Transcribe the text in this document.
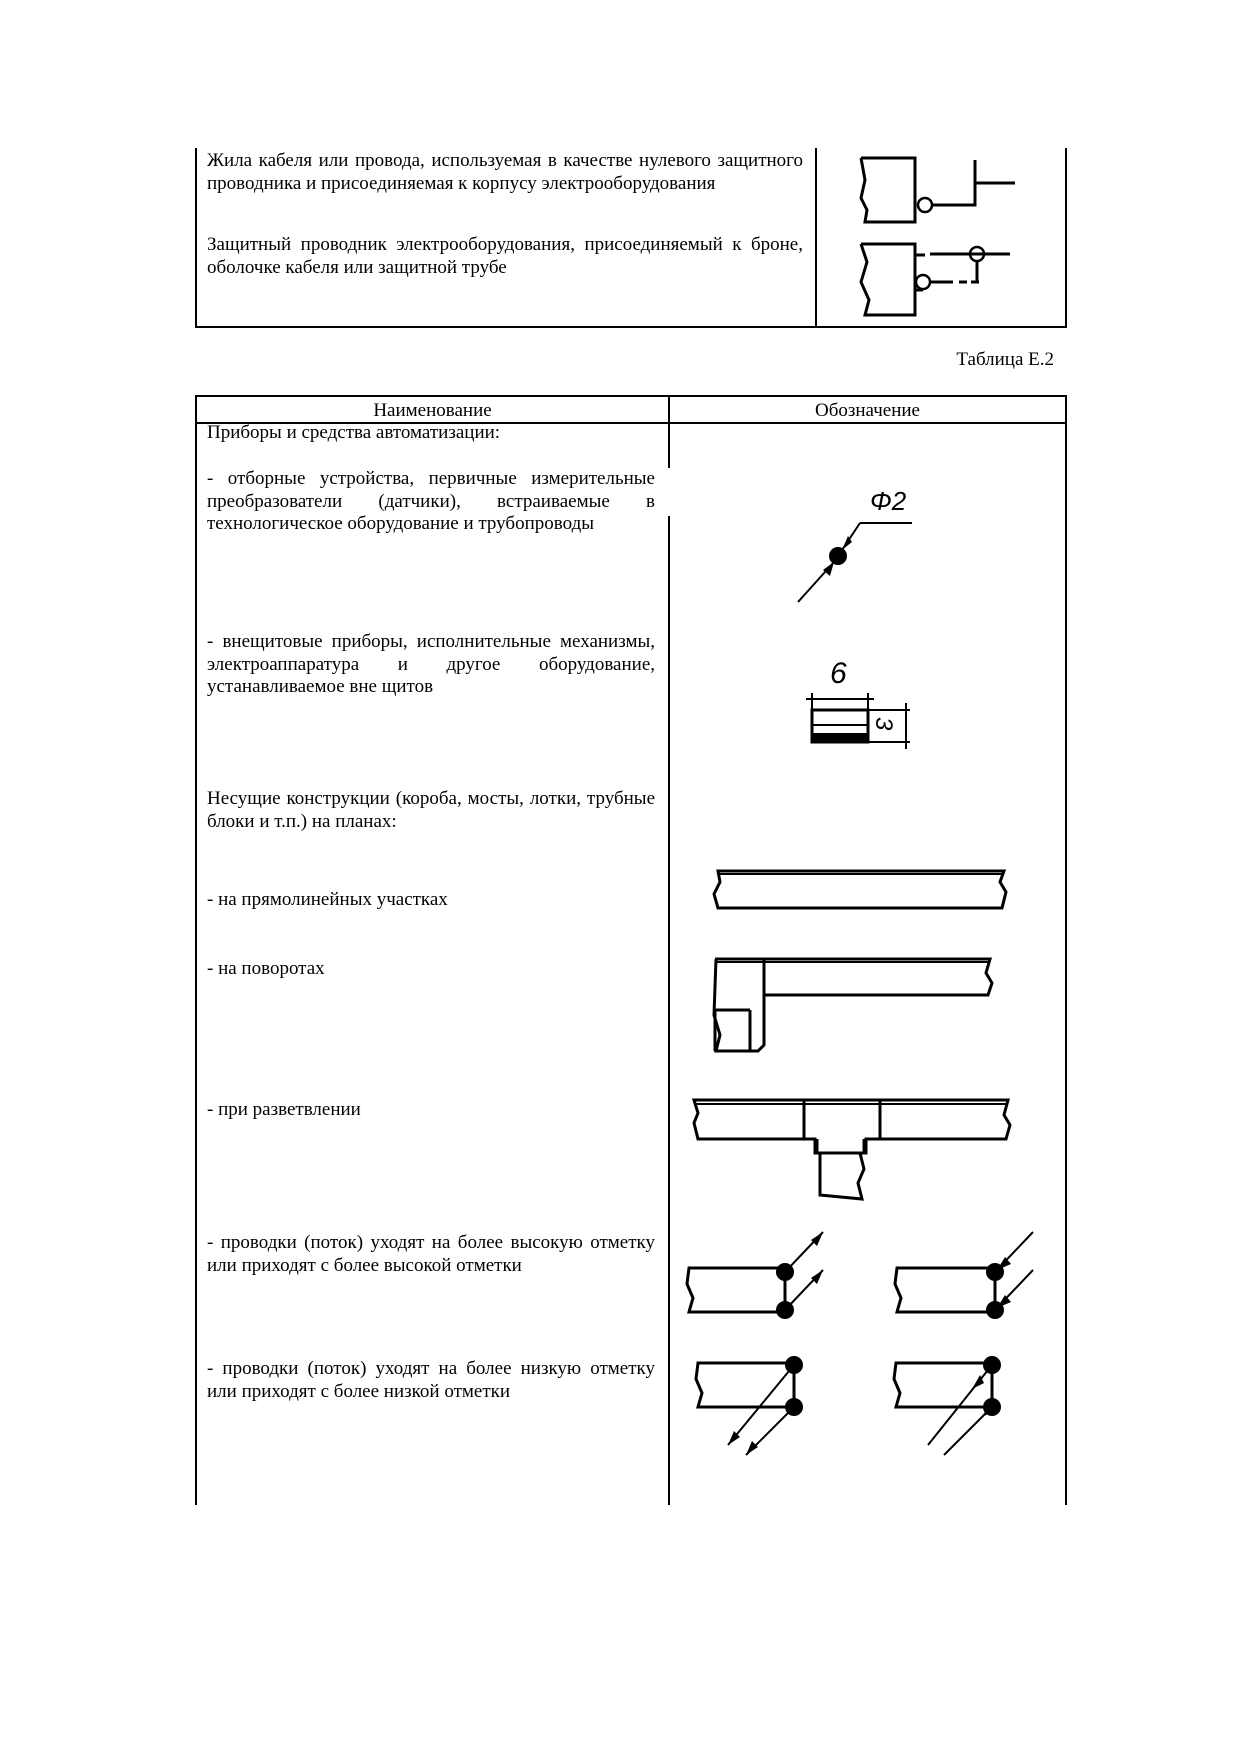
Жила кабеля или провода, используемая в качестве нулевого защитного проводника и присоединяемая к корпусу электрооборудования
Защитный проводник электрооборудования, присоединяемый к броне, оболочке кабеля или защитной трубе
Таблица Е.2
Наименование	Обозначение
Приборы и средства автоматизации:
- отборные устройства, первичные измерительные преобразователи (датчики), встраиваемые в технологическое оборудование и трубопроводы
- внещитовые приборы, исполнительные механизмы, электроаппаратура и другое оборудование, устанавливаемое вне щитов
Несущие конструкции (короба, мосты, лотки, трубные блоки и т.п.) на планах:
- на прямолинейных участках
- на поворотах
- при разветвлении
- проводки (поток) уходят на более высокую отметку или приходят с более высокой отметки
- проводки (поток) уходят на более низкую отметку или приходят с более низкой отметки
Φ2
6
3
